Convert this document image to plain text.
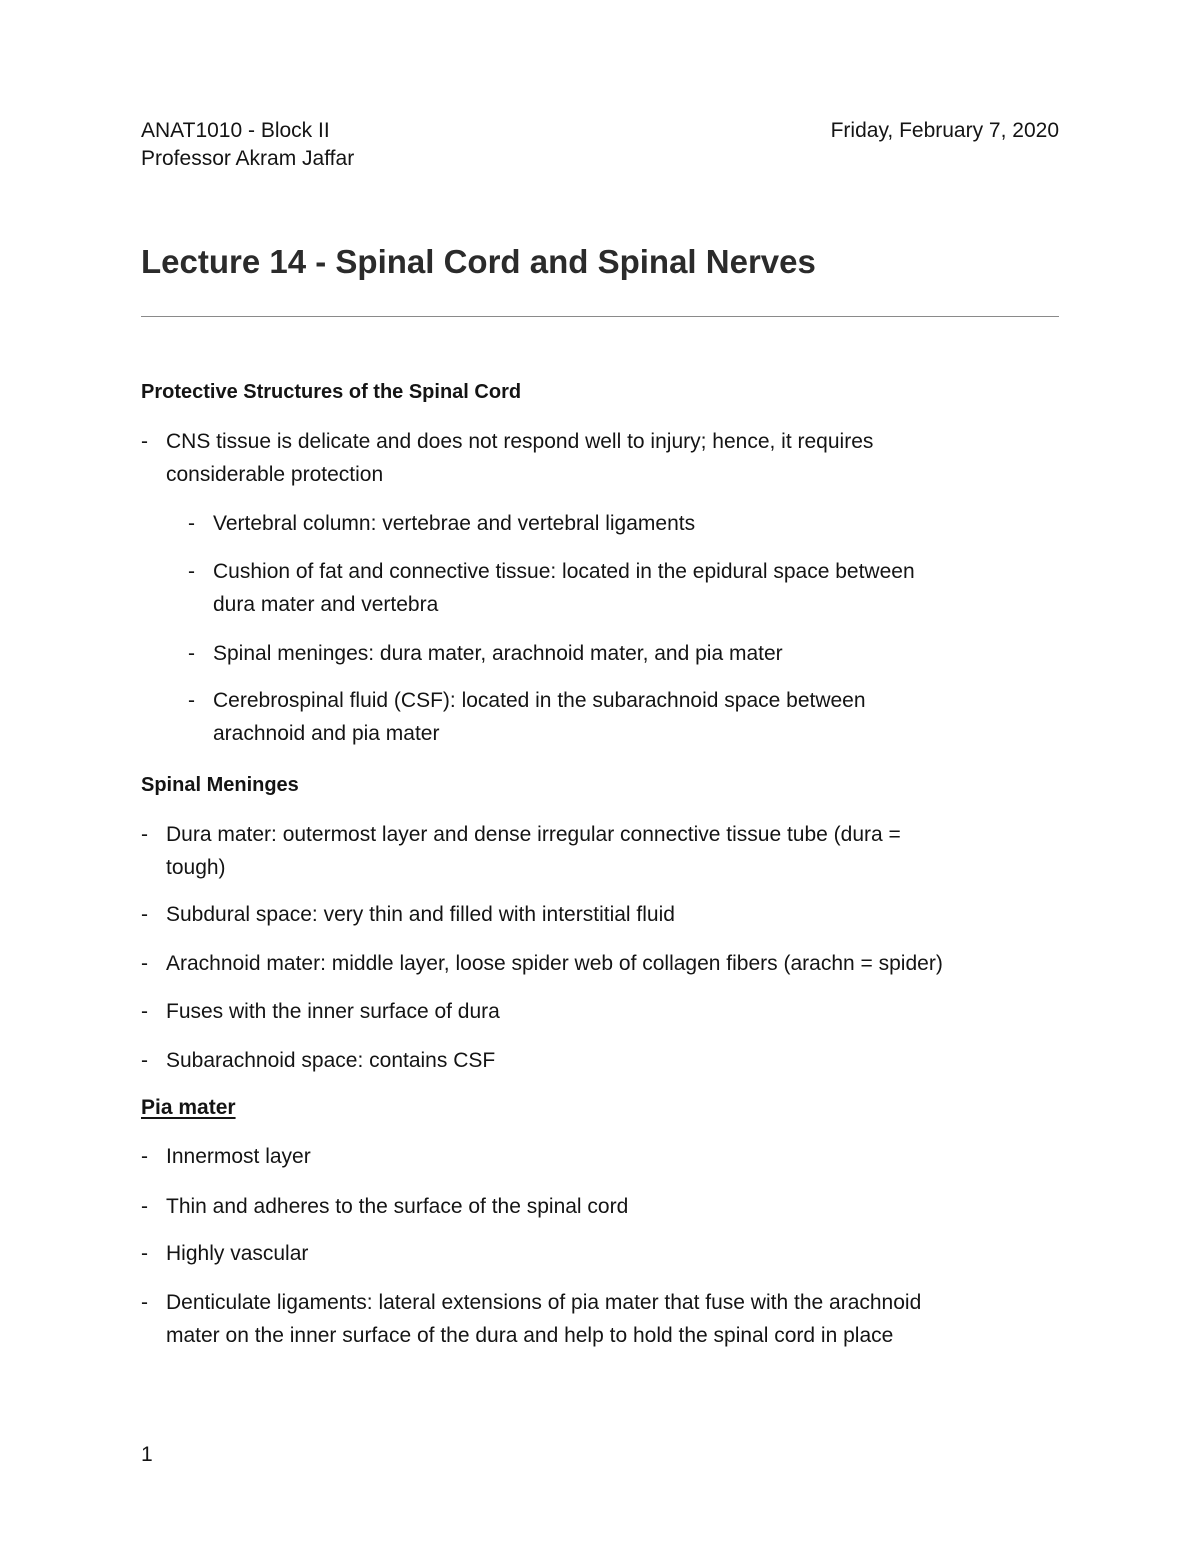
ANAT1010 - Block II
Professor Akram Jaffar
Friday, February 7, 2020
Lecture 14 - Spinal Cord and Spinal Nerves
Protective Structures of the Spinal Cord
- CNS tissue is delicate and does not respond well to injury; hence, it requires
considerable protection
- Vertebral column: vertebrae and vertebral ligaments
- Cushion of fat and connective tissue: located in the epidural space between
dura mater and vertebra
- Spinal meninges: dura mater, arachnoid mater, and pia mater
- Cerebrospinal fluid (CSF): located in the subarachnoid space between
arachnoid and pia mater
Spinal Meninges
- Dura mater: outermost layer and dense irregular connective tissue tube (dura =
tough)
- Subdural space: very thin and filled with interstitial fluid
- Arachnoid mater: middle layer, loose spider web of collagen fibers (arachn = spider)
- Fuses with the inner surface of dura
- Subarachnoid space: contains CSF
Pia mater
- Innermost layer
- Thin and adheres to the surface of the spinal cord
- Highly vascular
- Denticulate ligaments: lateral extensions of pia mater that fuse with the arachnoid
mater on the inner surface of the dura and help to hold the spinal cord in place
1
